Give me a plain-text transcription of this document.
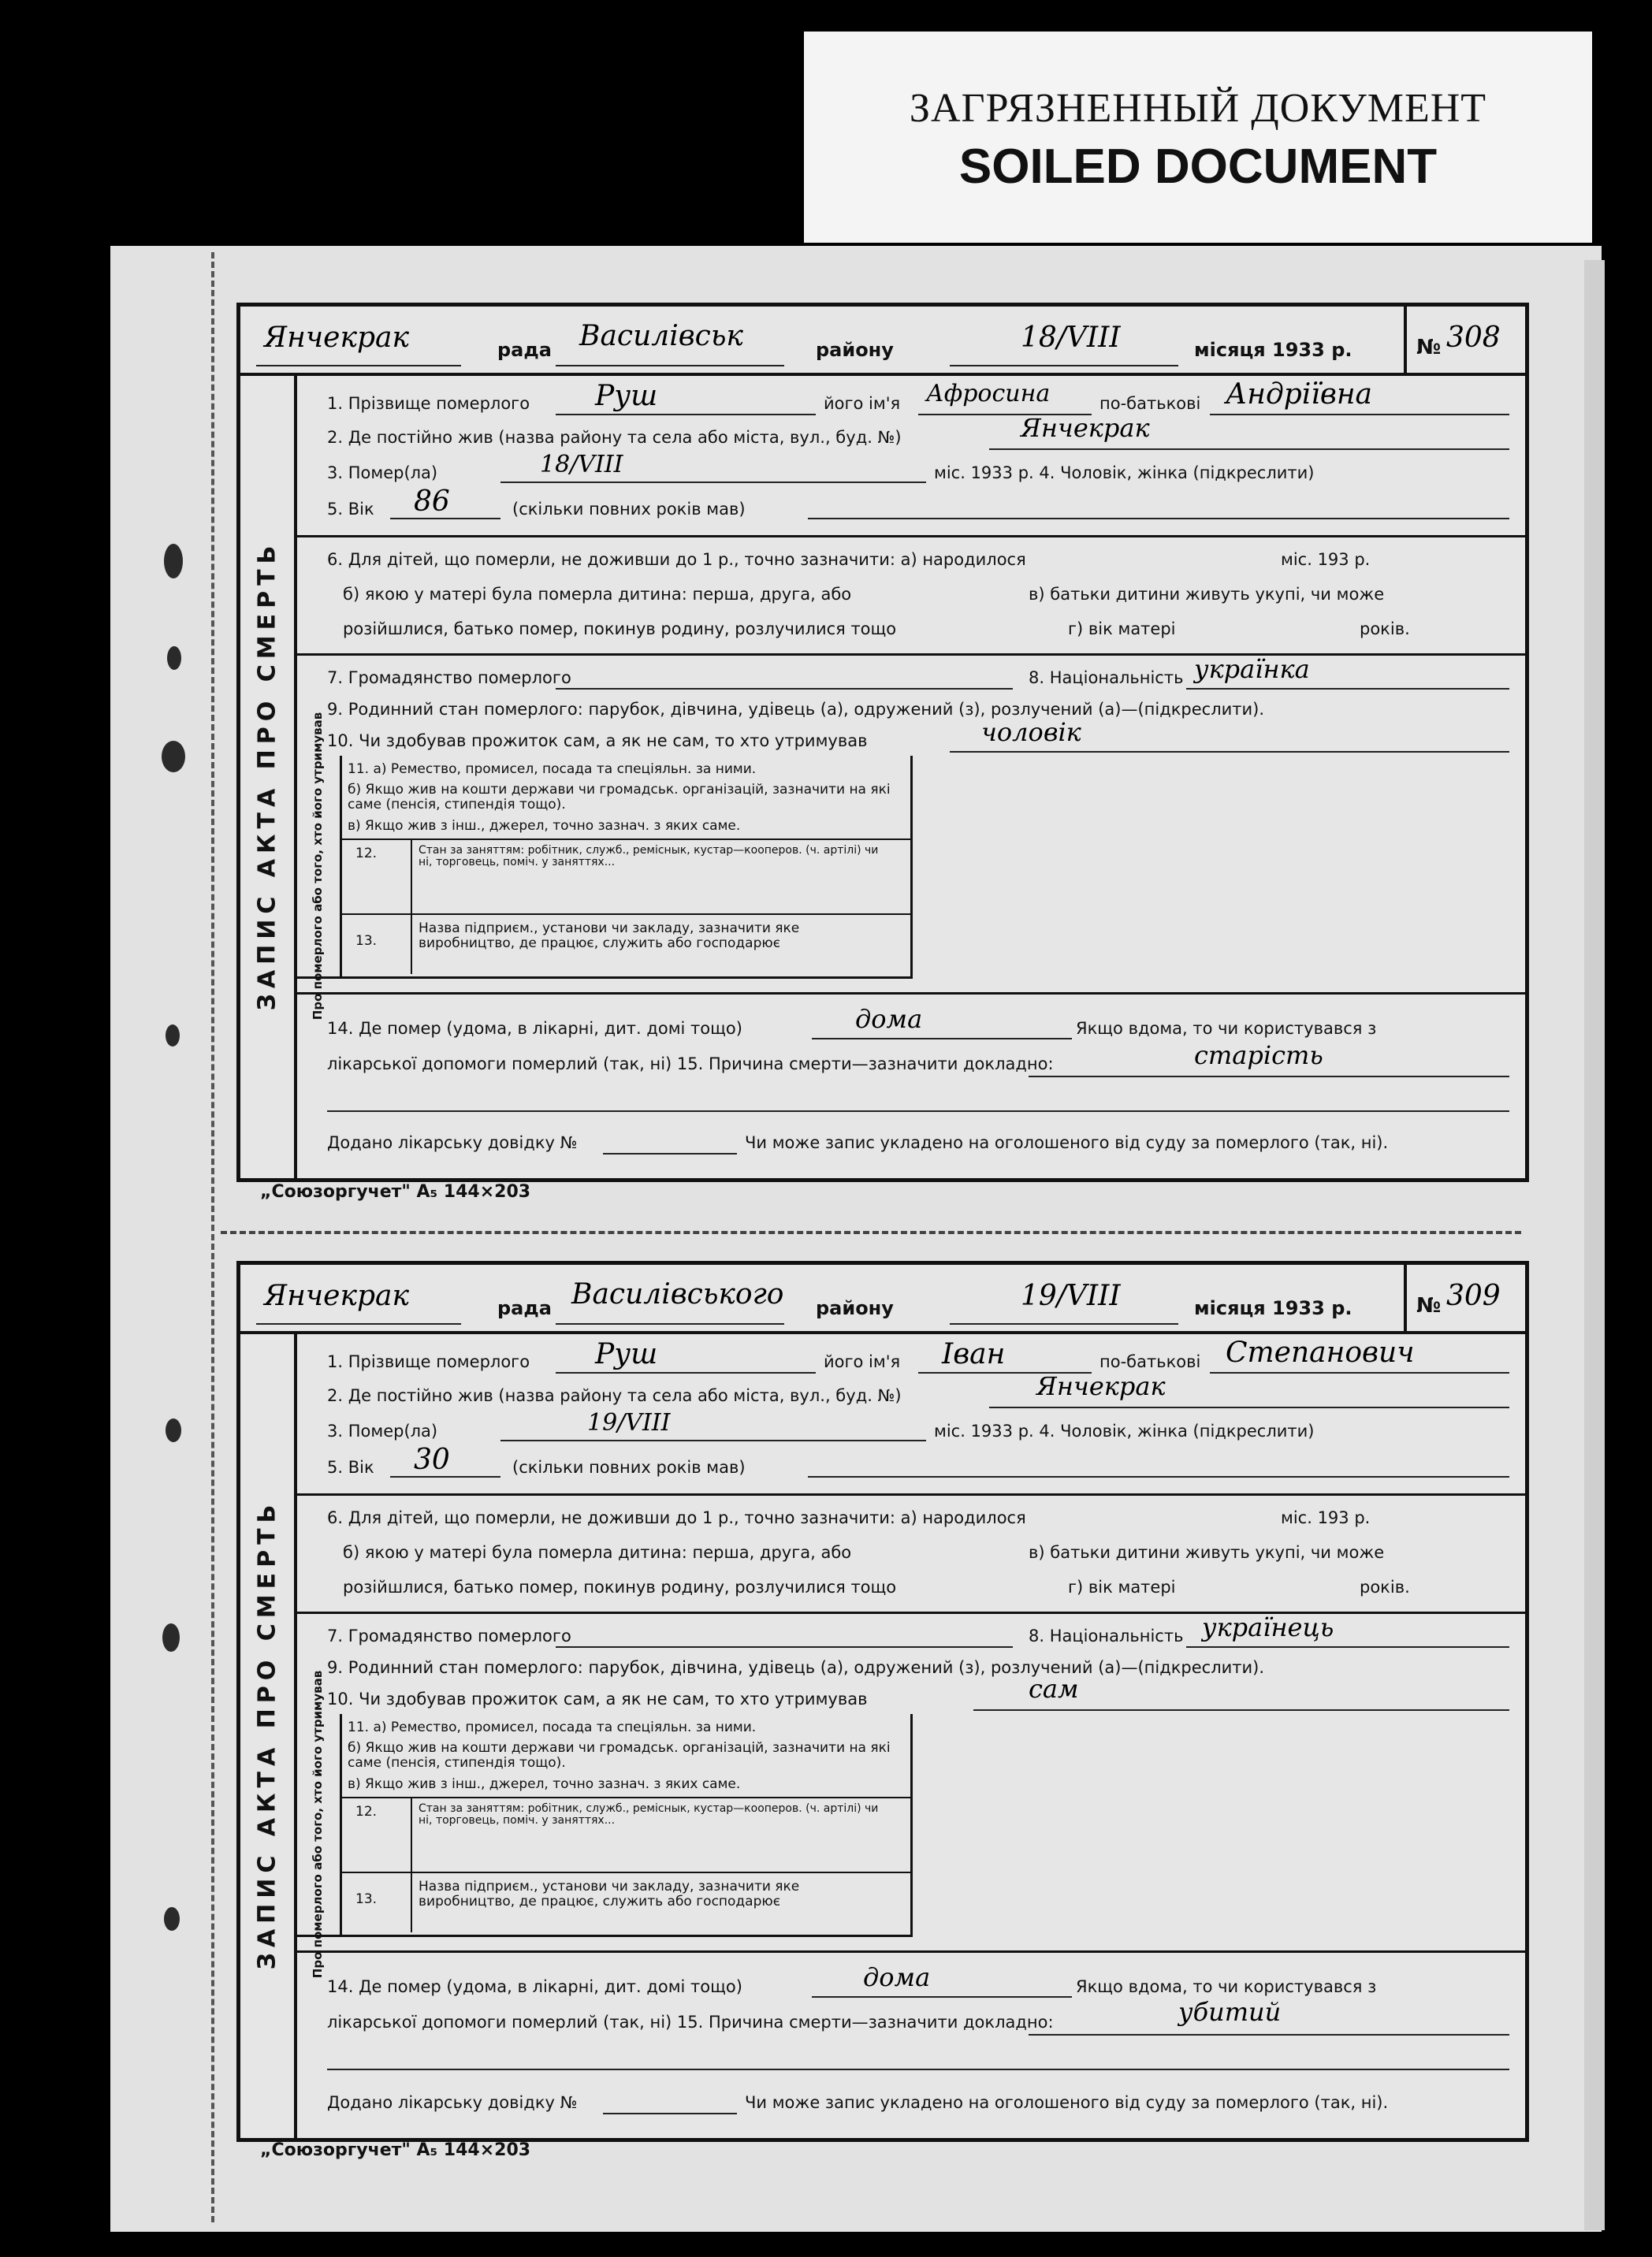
ЗАГРЯЗНЕННЫЙ ДОКУМЕНТ
SOILED DOCUMENT
Янчекрак	рада Василівськ	району	18/VIII	місяця 1933 р.	№ 308
ЗАПИС АКТА ПРО СМЕРТЬ
1. Прізвище померлого Руш	його ім'я Афросина	по-батькові Андріївна
2. Де постійно жив (назва району та села або міста, вул., буд. №)	Янчекрак
3. Помер(ла)	18/VIII	міс. 1933 р. 4. Чоловік, жінка (підкреслити)
5. Вік 86	(скільки повних років мав)
6. Для дітей, що померли, не доживши до 1 р., точно зазначити: а) народилося	міс. 193 р.
б) якою у матері була померла дитина: перша, друга, або	в) батьки дитини живуть укупі, чи може
розійшлися, батько помер, покинув родину, розлучилися тощо	г) вік матері	років.
7. Громадянство померлого	8. Національність українка
9. Родинний стан померлого: парубок, дівчина, удівець (а), одружений (з), розлучений (а)—(підкреслити).
10. Чи здобував прожиток сам, а як не сам, то хто утримував	чоловік
Про померлого або того, хто його утримував 11. а) Ремество, промисел, посада та спеціяльн. за ними.
б) Якщо жив на кошти держави чи громадськ. організацій, зазначити на які саме (пенсія, стипендія тощо).
в) Якщо жив з інш., джерел, точно зазнач. з яких саме.
12.	Стан за заняттям: робітник, служб., реміснык, кустар—кооперов. (ч. артілі) чи ні, торговець, поміч. у заняттях...
13.
Назва підприєм., установи чи закладу, зазначити яке виробництво, де працює, служить або господарює
14. Де помер (удома, в лікарні, дит. домі тощо)	дома	Якщо вдома, то чи користувався з
лікарської допомоги померлий (так, ні) 15. Причина смерти—зазначити докладно:	старість
Додано лікарську довідку №	Чи може запис укладено на оголошеного від суду за померлого (так, ні).
„Союзоргучет" А₅ 144×203
Янчекрак	рада Василівського району	19/VIII	місяця 1933 р.	№ 309
ЗАПИС АКТА ПРО СМЕРТЬ
1. Прізвище померлого Руш	його ім'я Іван	по-батькові Степанович
2. Де постійно жив (назва району та села або міста, вул., буд. №)	Янчекрак
3. Помер(ла)	19/VIII	міс. 1933 р. 4. Чоловік, жінка (підкреслити)
5. Вік 30	(скільки повних років мав)
6. Для дітей, що померли, не доживши до 1 р., точно зазначити: а) народилося	міс. 193 р.
б) якою у матері була померла дитина: перша, друга, або	в) батьки дитини живуть укупі, чи може
розійшлися, батько помер, покинув родину, розлучилися тощо	г) вік матері	років.
7. Громадянство померлого	8. Національність українець
9. Родинний стан померлого: парубок, дівчина, удівець (а), одружений (з), розлучений (а)—(підкреслити).
10. Чи здобував прожиток сам, а як не сам, то хто утримував	сам
Про померлого або того, хто його утримував 11. а) Ремество, промисел, посада та спеціяльн. за ними.
б) Якщо жив на кошти держави чи громадськ. організацій, зазначити на які саме (пенсія, стипендія тощо).
в) Якщо жив з інш., джерел, точно зазнач. з яких саме.
12.	Стан за заняттям: робітник, служб., реміснык, кустар—кооперов. (ч. артілі) чи ні, торговець, поміч. у заняттях...
13.
Назва підприєм., установи чи закладу, зазначити яке виробництво, де працює, служить або господарює
14. Де помер (удома, в лікарні, дит. домі тощо)	дома	Якщо вдома, то чи користувався з
лікарської допомоги померлий (так, ні) 15. Причина смерти—зазначити докладно:	убитий
Додано лікарську довідку №	Чи може запис укладено на оголошеного від суду за померлого (так, ні).
„Союзоргучет" А₅ 144×203
